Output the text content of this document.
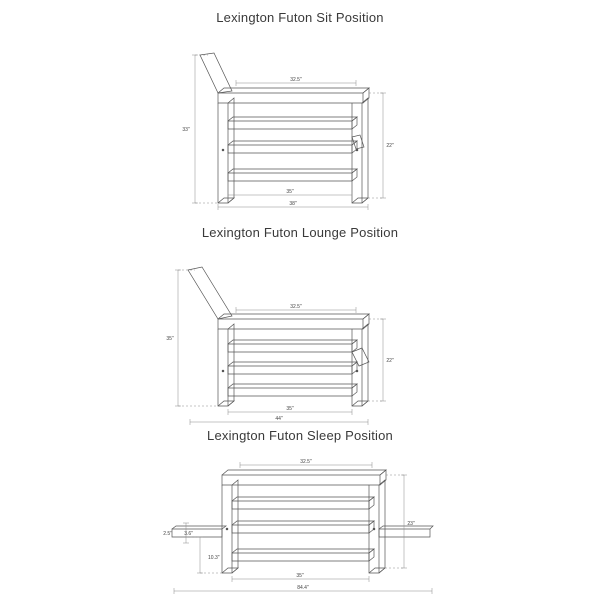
Lexington Futon Sit Position
33"
32.5"
22"
35"
38"
Lexington Futon Lounge Position
35"
32.5"
22"
35"
44"
Lexington Futon Sleep Position
32.5"
2.5" 3.6"
10.3"
23"
35"
84.4"
